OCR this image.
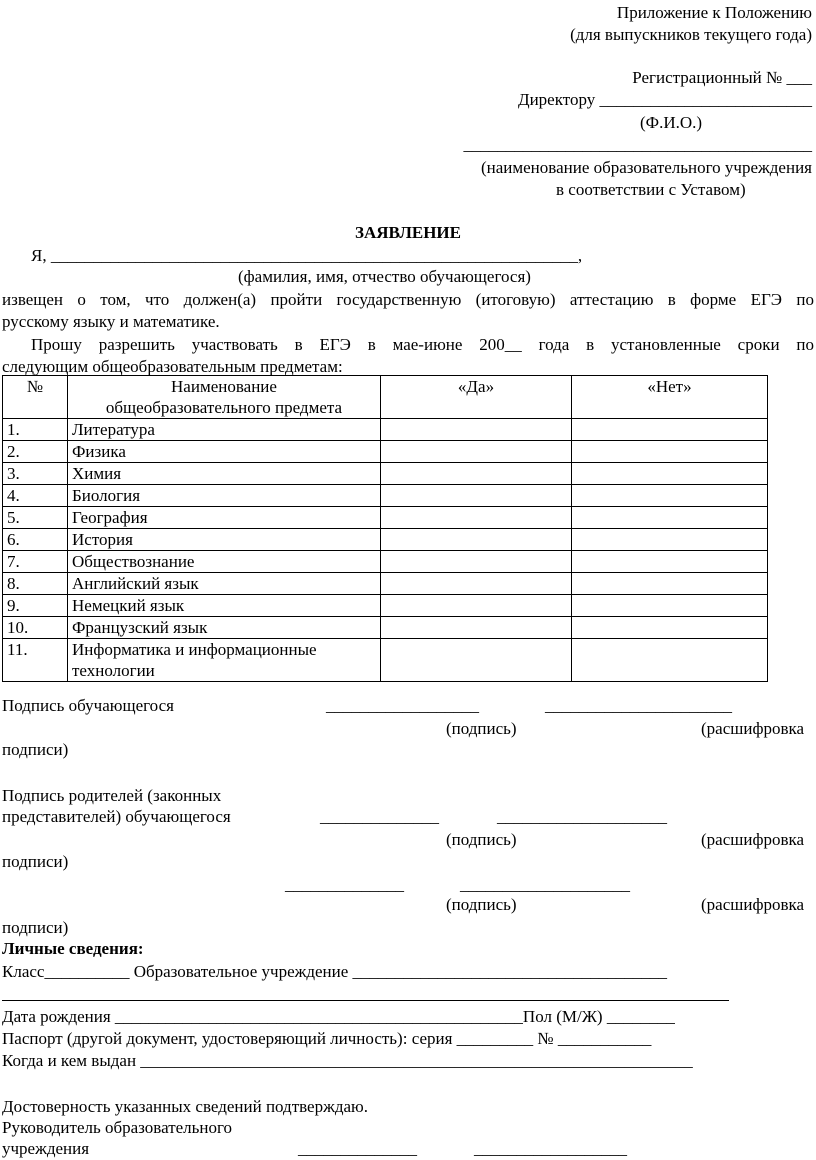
Приложение к Положению
(для выпускников текущего года)
Регистрационный № ___
Директору _________________________
(Ф.И.О.)
_________________________________________
(наименование образовательного учреждения
в соответствии с Уставом)
ЗАЯВЛЕНИЕ
Я, ______________________________________________________________,
(фамилия, имя, отчество обучающегося)
извещен о том, что должен(а) пройти государственную (итоговую) аттестацию в форме ЕГЭ по
русскому языку и математике.
Прошу разрешить участвовать в ЕГЭ в мае-июне 200__ года в установленные сроки по
следующим общеобразовательным предметам:
№	Наименование
общеобразовательного предмета	«Да»	«Нет»
1.	Литература		
2.	Физика		
3.	Химия		
4.	Биология		
5.	География		
6.	История		
7.	Обществознание		
8.	Английский язык		
9.	Немецкий язык		
10.	Французский язык		
11.	Информатика и информационные
технологии		
Подпись обучающегося	__________________	______________________
(подпись)	(расшифровка
подписи)
Подпись родителей (законных
представителей) обучающегося	______________	____________________
(подпись)	(расшифровка
подписи)
______________	____________________
(подпись)	(расшифровка
подписи)
Личные сведения:
Класс__________ Образовательное учреждение _____________________________________
Дата рождения ________________________________________________Пол (М/Ж) ________
Паспорт (другой документ, удостоверяющий личность): серия _________ № ___________
Когда и кем выдан _________________________________________________________________
Достоверность указанных сведений подтверждаю.
Руководитель образовательного
учреждения	______________	__________________
